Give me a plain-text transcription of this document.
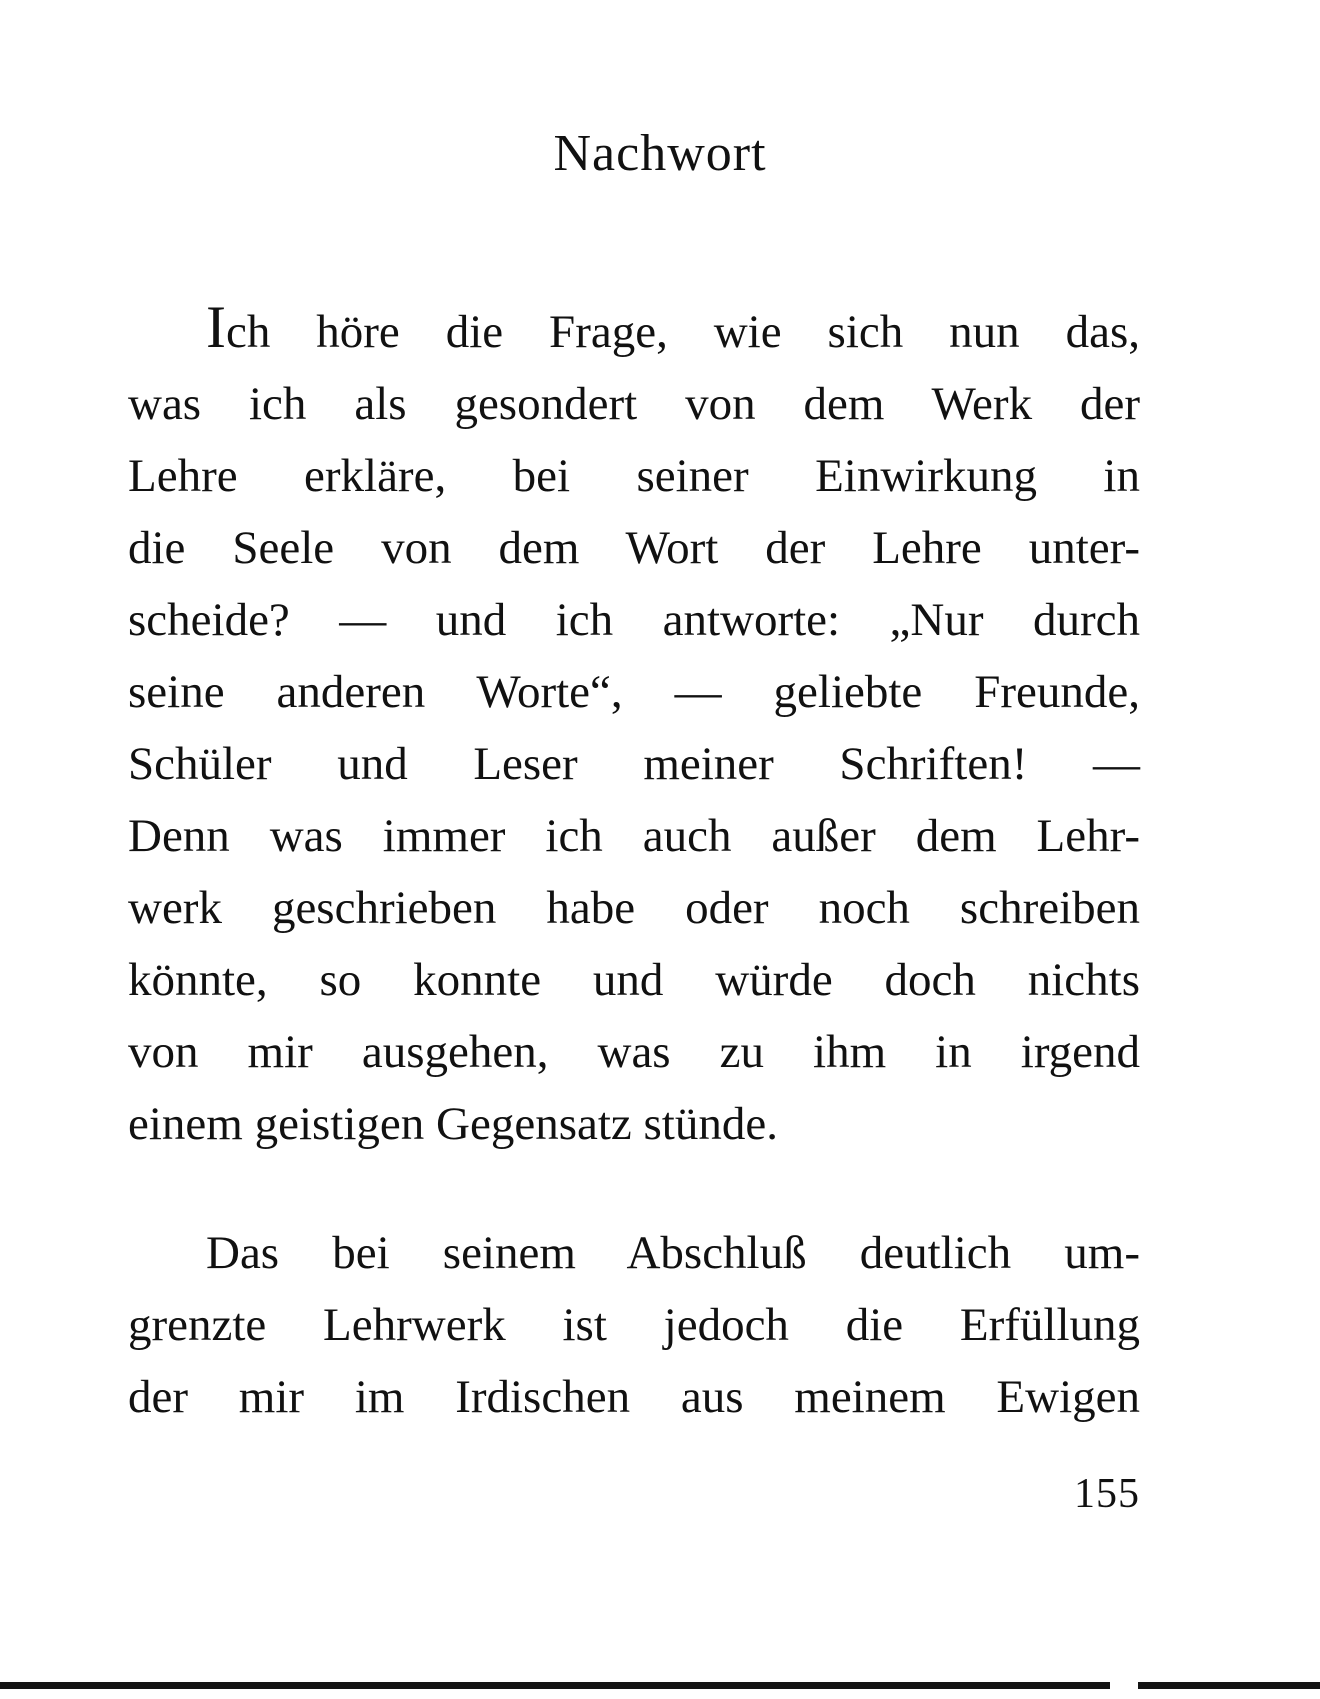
Nachwort
Ich höre die Frage, wie sich nun das,
was ich als gesondert von dem Werk der
Lehre erkläre, bei seiner Einwirkung in
die Seele von dem Wort der Lehre unter-
scheide? — und ich antworte: „Nur durch
seine anderen Worte“, — geliebte Freunde,
Schüler und Leser meiner Schriften! —
Denn was immer ich auch außer dem Lehr-
werk geschrieben habe oder noch schreiben
könnte, so konnte und würde doch nichts
von mir ausgehen, was zu ihm in irgend
einem geistigen Gegensatz stünde.
Das bei seinem Abschluß deutlich um-
grenzte Lehrwerk ist jedoch die Erfüllung
der mir im Irdischen aus meinem Ewigen
155
